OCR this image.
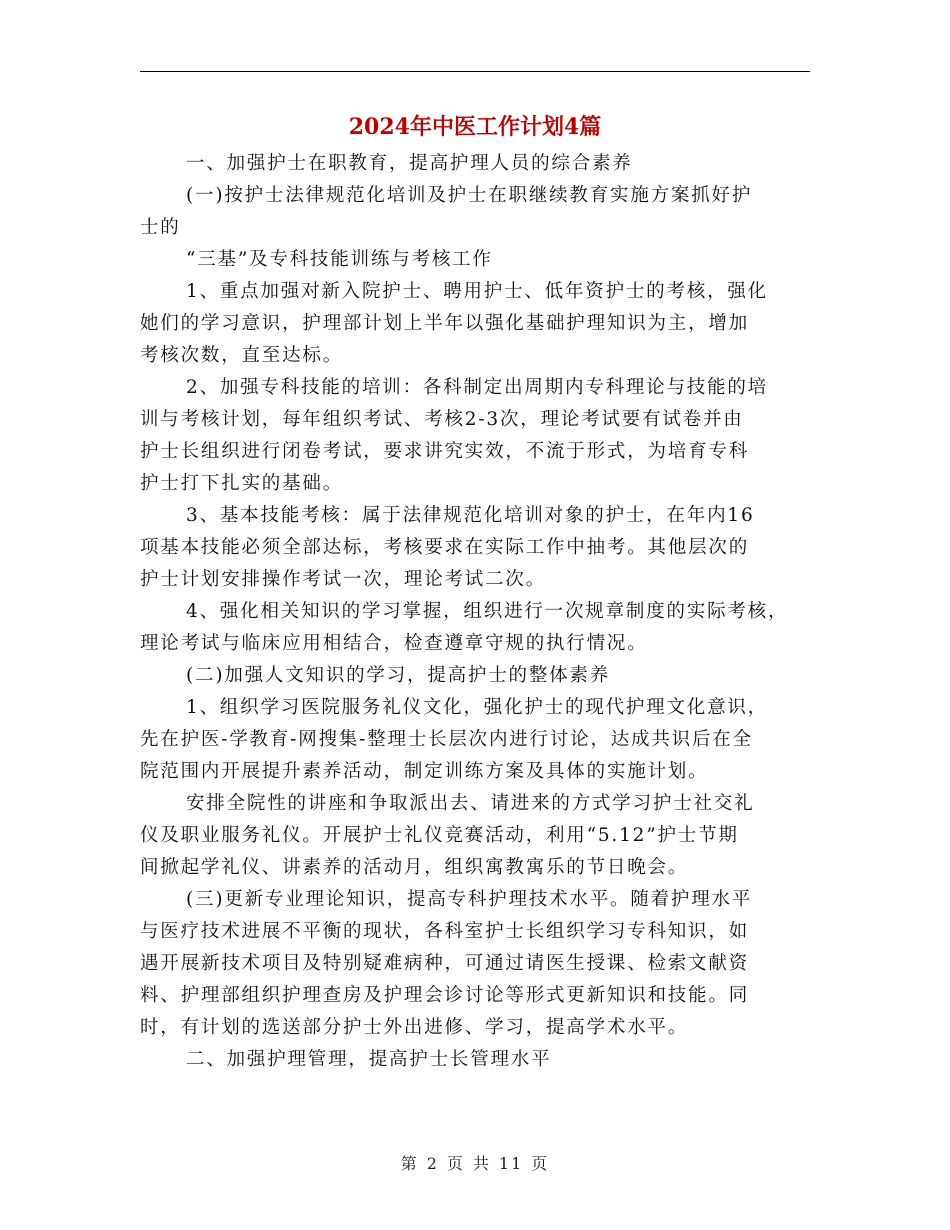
2024年中医工作计划4篇

一、加强护士在职教育，提高护理人员的综合素养

(一)按护士法律规范化培训及护士在职继续教育实施方案抓好护
士的

“三基”及专科技能训练与考核工作

1、重点加强对新入院护士、聘用护士、低年资护士的考核，强化
她们的学习意识，护理部计划上半年以强化基础护理知识为主，增加
考核次数，直至达标。

2、加强专科技能的培训：各科制定出周期内专科理论与技能的培
训与考核计划，每年组织考试、考核2-3次，理论考试要有试卷并由
护士长组织进行闭卷考试，要求讲究实效，不流于形式，为培育专科
护士打下扎实的基础。

3、基本技能考核：属于法律规范化培训对象的护士，在年内16
项基本技能必须全部达标，考核要求在实际工作中抽考。其他层次的
护士计划安排操作考试一次，理论考试二次。

4、强化相关知识的学习掌握，组织进行一次规章制度的实际考核，
理论考试与临床应用相结合，检查遵章守规的执行情况。

(二)加强人文知识的学习，提高护士的整体素养

1、组织学习医院服务礼仪文化，强化护士的现代护理文化意识，
先在护医-学教育-网搜集-整理士长层次内进行讨论，达成共识后在全
院范围内开展提升素养活动，制定训练方案及具体的实施计划。

安排全院性的讲座和争取派出去、请进来的方式学习护士社交礼
仪及职业服务礼仪。开展护士礼仪竞赛活动，利用“5.12”护士节期
间掀起学礼仪、讲素养的活动月，组织寓教寓乐的节日晚会。

(三)更新专业理论知识，提高专科护理技术水平。随着护理水平
与医疗技术进展不平衡的现状，各科室护士长组织学习专科知识，如
遇开展新技术项目及特别疑难病种，可通过请医生授课、检索文献资
料、护理部组织护理查房及护理会诊讨论等形式更新知识和技能。同
时，有计划的选送部分护士外出进修、学习，提高学术水平。

二、加强护理管理，提高护士长管理水平

第 2 页 共 11 页
